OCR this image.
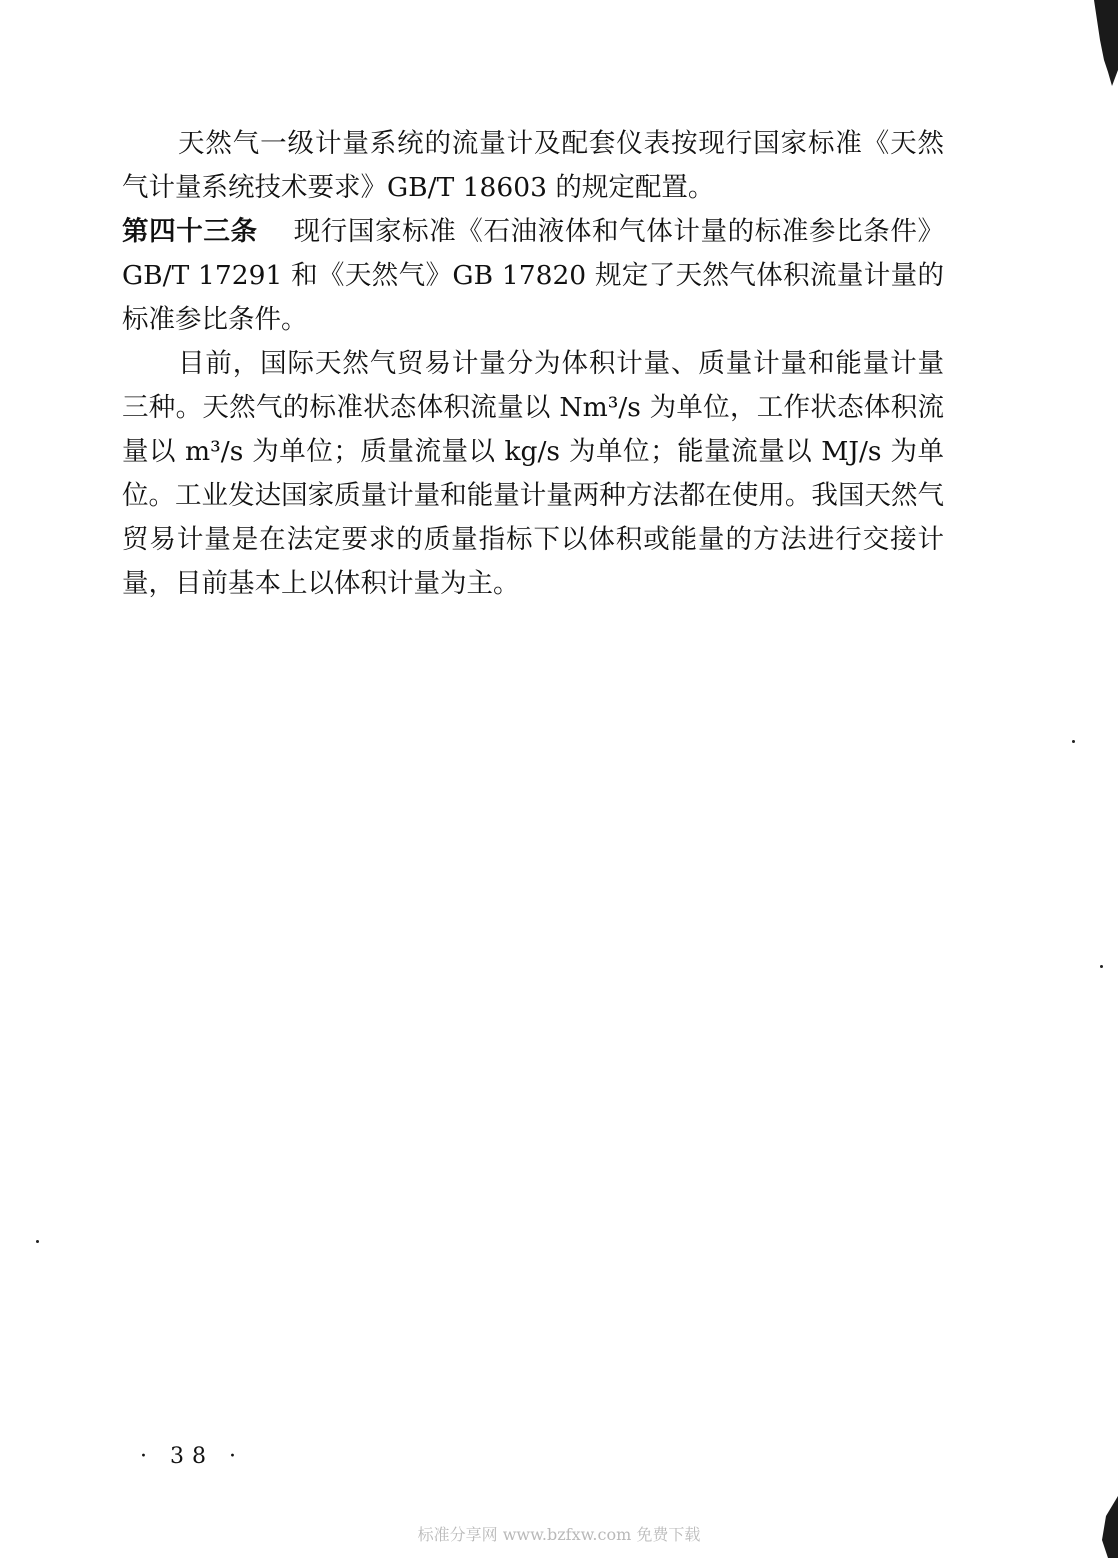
天然气一级计量系统的流量计及配套仪表按现行国家标准《天然气计量系统技术要求》GB/T 18603 的规定配置。

第四十三条 现行国家标准《石油液体和气体计量的标准参比条件》GB/T 17291 和《天然气》GB 17820 规定了天然气体积流量计量的标准参比条件。

目前，国际天然气贸易计量分为体积计量、质量计量和能量计量三种。天然气的标准状态体积流量以 Nm³/s 为单位，工作状态体积流量以 m³/s 为单位；质量流量以 kg/s 为单位；能量流量以 MJ/s 为单位。工业发达国家质量计量和能量计量两种方法都在使用。我国天然气贸易计量是在法定要求的质量指标下以体积或能量的方法进行交接计量，目前基本上以体积计量为主。

· 38 ·
标准分享网 www.bzfxw.com 免费下载
